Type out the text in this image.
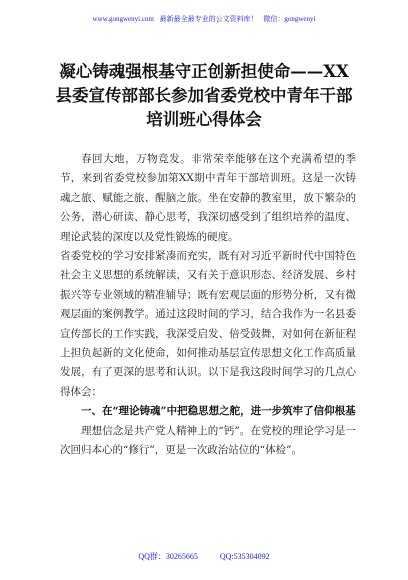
www.gongwenyi.com 最新最全最专业的公文资料库！ 微信：gongwenyi
凝心铸魂强根基守正创新担使命——XX
县委宣传部部长参加省委党校中青年干部
培训班心得体会

春回大地，万物竞发。非常荣幸能够在这个充满希望的季节，来到省委党校参加第XX期中青年干部培训班。这是一次铸魂之旅、赋能之旅、醒脑之旅。坐在安静的教室里，放下繁杂的公务，潜心研读、静心思考，我深切感受到了组织培养的温度、理论武装的深度以及党性锻炼的硬度。

省委党校的学习安排紧凑而充实，既有对习近平新时代中国特色社会主义思想的系统解读，又有关于意识形态、经济发展、乡村振兴等专业领域的精准辅导；既有宏观层面的形势分析，又有微观层面的案例教学。通过这段时间的学习，结合我作为一名县委宣传部长的工作实践，我深受启发、倍受鼓舞，对如何在新征程上担负起新的文化使命，如何推动基层宣传思想文化工作高质量发展，有了更深的思考和认识。以下是我这段时间学习的几点心得体会：

一、在“理论铸魂”中把稳思想之舵，进一步筑牢了信仰根基

理想信念是共产党人精神上的“钙”。在党校的理论学习是一次回归本心的“修行”，更是一次政治站位的“体检”。

QQ群：30265665	QQ:535304092
